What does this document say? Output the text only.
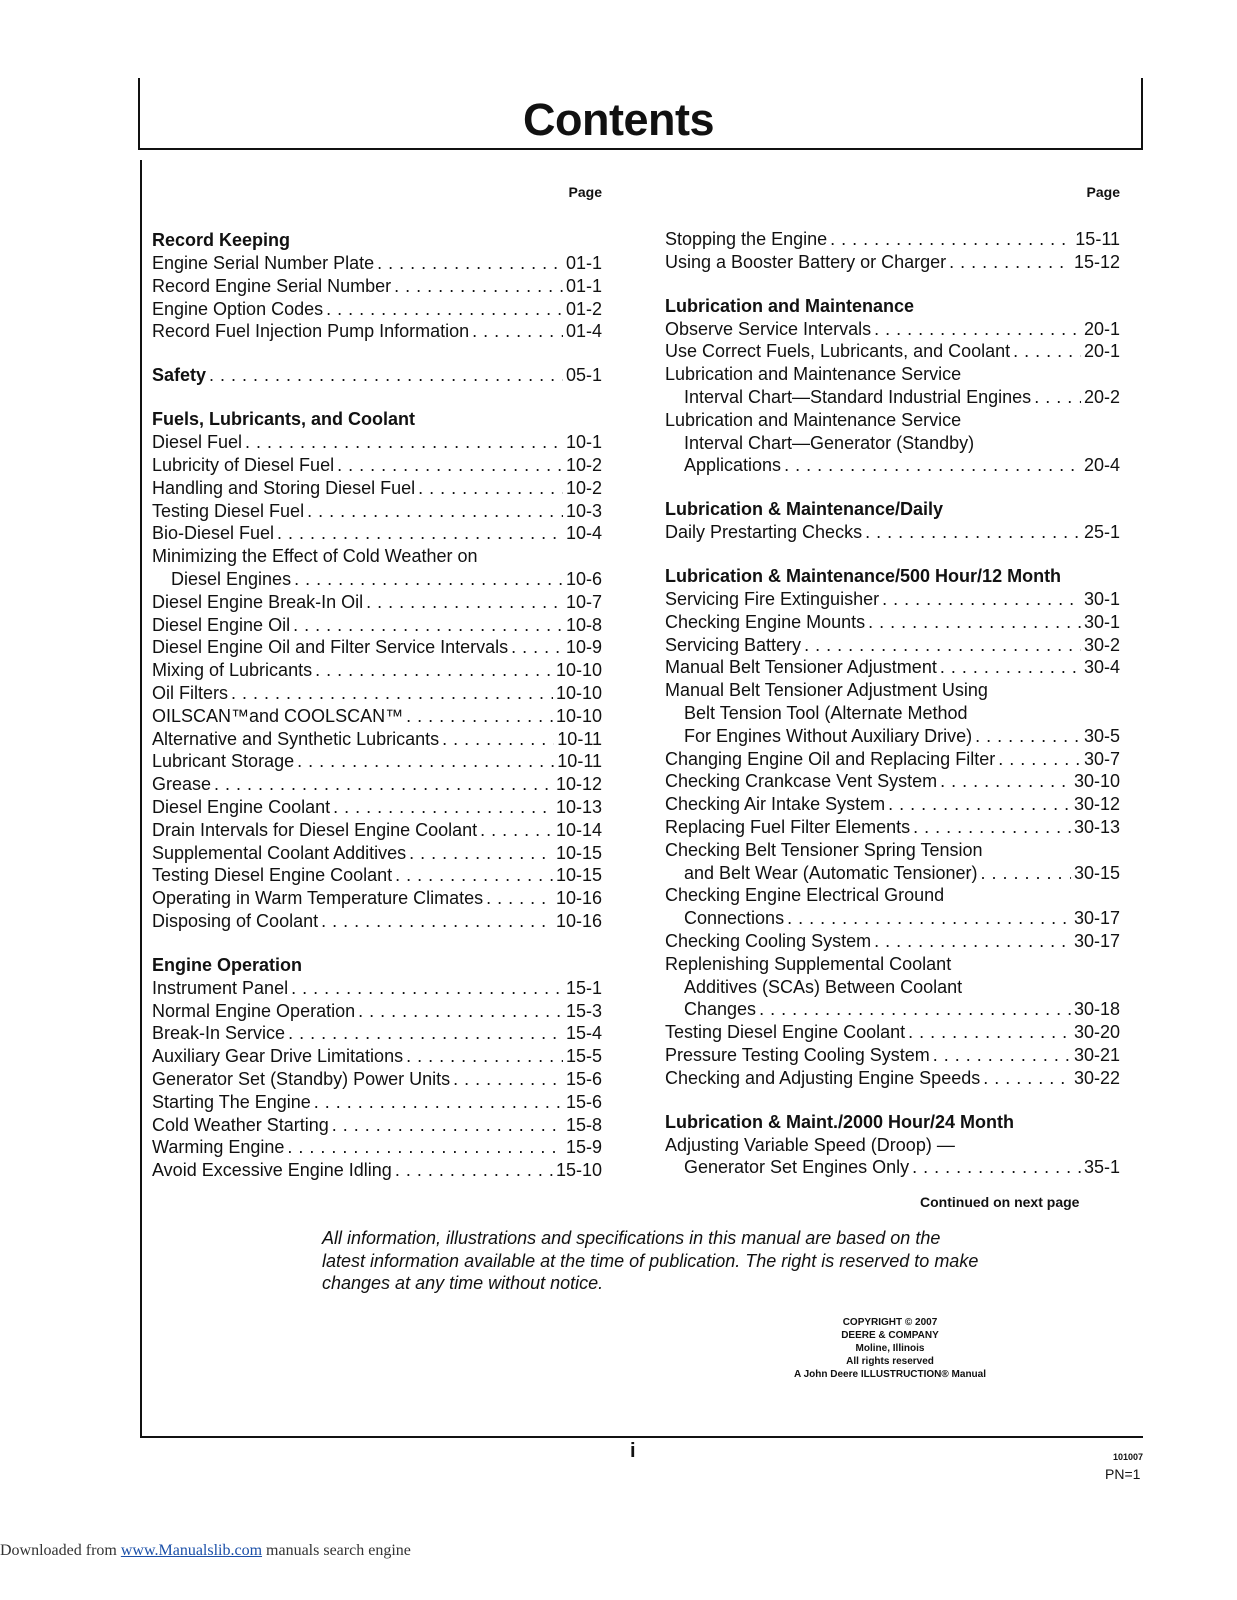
Contents
Page
Record Keeping
Engine Serial Number Plate . . .	01-1
Record Engine Serial Number . . .	01-1
Engine Option Codes . . .	01-2
Record Fuel Injection Pump Information . . .	01-4
Safety . . .	05-1
Fuels, Lubricants, and Coolant
Diesel Fuel . . .	10-1
Lubricity of Diesel Fuel . . .	10-2
Handling and Storing Diesel Fuel . . .	10-2
Testing Diesel Fuel . . .	10-3
Bio-Diesel Fuel . . .	10-4
Minimizing the Effect of Cold Weather on
Diesel Engines . . .	10-6
Diesel Engine Break-In Oil . . .	10-7
Diesel Engine Oil . . .	10-8
Diesel Engine Oil and Filter Service Intervals . . .	10-9
Mixing of Lubricants . . .	10-10
Oil Filters . . .	10-10
OILSCAN™and COOLSCAN™ . . .	10-10
Alternative and Synthetic Lubricants . . .	10-11
Lubricant Storage . . .	10-11
Grease . . .	10-12
Diesel Engine Coolant . . .	10-13
Drain Intervals for Diesel Engine Coolant . . .	10-14
Supplemental Coolant Additives . . .	10-15
Testing Diesel Engine Coolant . . .	10-15
Operating in Warm Temperature Climates . . .	10-16
Disposing of Coolant . . .	10-16
Engine Operation
Instrument Panel . . .	15-1
Normal Engine Operation . . .	15-3
Break-In Service . . .	15-4
Auxiliary Gear Drive Limitations . . .	15-5
Generator Set (Standby) Power Units . . .	15-6
Starting The Engine . . .	15-6
Cold Weather Starting . . .	15-8
Warming Engine . . .	15-9
Avoid Excessive Engine Idling . . .	15-10
Page
Stopping the Engine . . .	15-11
Using a Booster Battery or Charger . . .	15-12
Lubrication and Maintenance
Observe Service Intervals . . .	20-1
Use Correct Fuels, Lubricants, and Coolant . . .	20-1
Lubrication and Maintenance Service
Interval Chart—Standard Industrial Engines . . .	20-2
Lubrication and Maintenance Service
Interval Chart—Generator (Standby)
Applications . . .	20-4
Lubrication & Maintenance/Daily
Daily Prestarting Checks . . .	25-1
Lubrication & Maintenance/500 Hour/12 Month
Servicing Fire Extinguisher . . .	30-1
Checking Engine Mounts . . .	30-1
Servicing Battery . . .	30-2
Manual Belt Tensioner Adjustment . . .	30-4
Manual Belt Tensioner Adjustment Using
Belt Tension Tool (Alternate Method
For Engines Without Auxiliary Drive) . . .	30-5
Changing Engine Oil and Replacing Filter . . .	30-7
Checking Crankcase Vent System . . .	30-10
Checking Air Intake System . . .	30-12
Replacing Fuel Filter Elements . . .	30-13
Checking Belt Tensioner Spring Tension
and Belt Wear (Automatic Tensioner) . . .	30-15
Checking Engine Electrical Ground
Connections . . .	30-17
Checking Cooling System . . .	30-17
Replenishing Supplemental Coolant
Additives (SCAs) Between Coolant
Changes . . .	30-18
Testing Diesel Engine Coolant . . .	30-20
Pressure Testing Cooling System . . .	30-21
Checking and Adjusting Engine Speeds . . .	30-22
Lubrication & Maint./2000 Hour/24 Month
Adjusting Variable Speed (Droop) —
Generator Set Engines Only . . .	35-1
Continued on next page
All information, illustrations and specifications in this manual are based on the latest information available at the time of publication. The right is reserved to make changes at any time without notice.
COPYRIGHT © 2007
DEERE & COMPANY
Moline, Illinois
All rights reserved
A John Deere ILLUSTRUCTION® Manual
i	101007
PN=1
Downloaded from www.Manualslib.com manuals search engine
